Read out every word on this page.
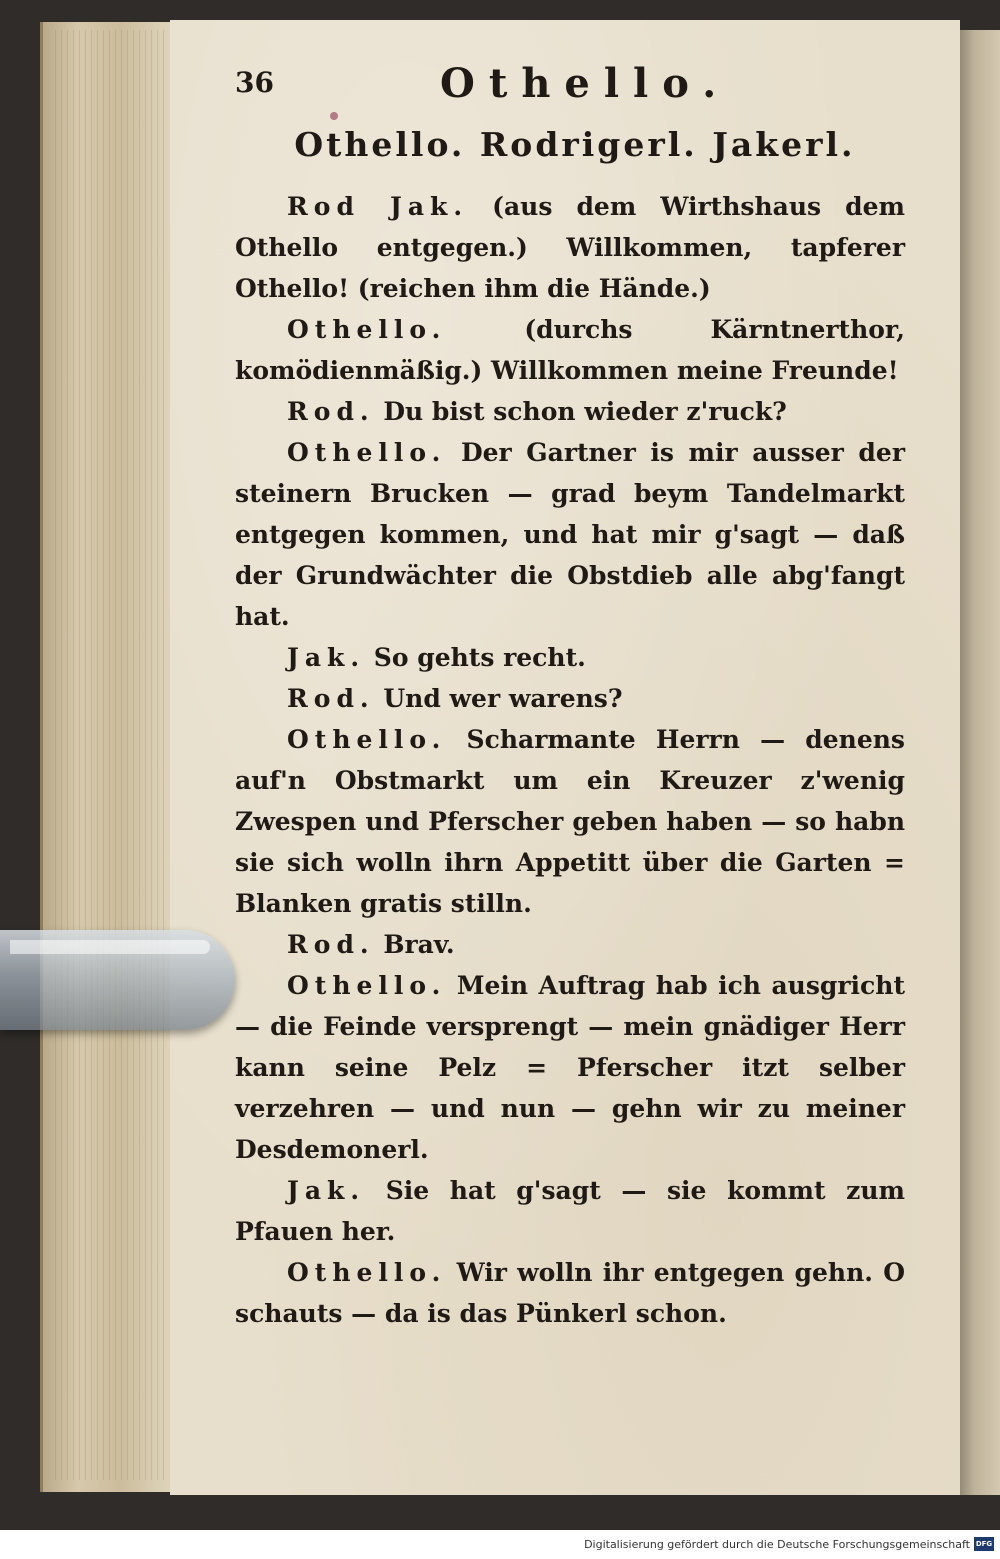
36	Othello.
Othello. Rodrigerl. Jakerl.

Rod Jak. (aus dem Wirthshaus dem Othello entgegen.) Willkommen, tapferer Othello! (reichen ihm die Hände.)

Othello.	(durchs Kärntnerthor, komödienmäßig.) Willkommen meine Freunde!

Rod. Du bist schon wieder z'ruck?

Othello. Der Gartner is mir ausser der steinern Brucken — grad beym Tandelmarkt entgegen kommen, und hat mir g'sagt — daß der Grundwächter die Obstdieb alle abg'fangt hat.

Jak. So gehts recht.

Rod. Und wer warens?

Othello. Scharmante Herrn — denens auf'n Obstmarkt um ein Kreuzer z'wenig Zwespen und Pferscher geben haben — so habn sie sich wolln ihrn Appetitt über die Garten = Blanken gratis stilln.

Rod. Brav.

Othello. Mein Auftrag hab ich ausgricht — die Feinde versprengt — mein gnädiger Herr kann seine Pelz = Pferscher itzt selber verzehren — und nun — gehn wir zu meiner Desdemonerl.

Jak. Sie hat g'sagt — sie kommt zum Pfauen her.

Othello. Wir wolln ihr entgegen gehn. O schauts — da is das Pünkerl schon.

Digitalisierung gefördert durch die Deutsche Forschungsgemeinschaft DFG
